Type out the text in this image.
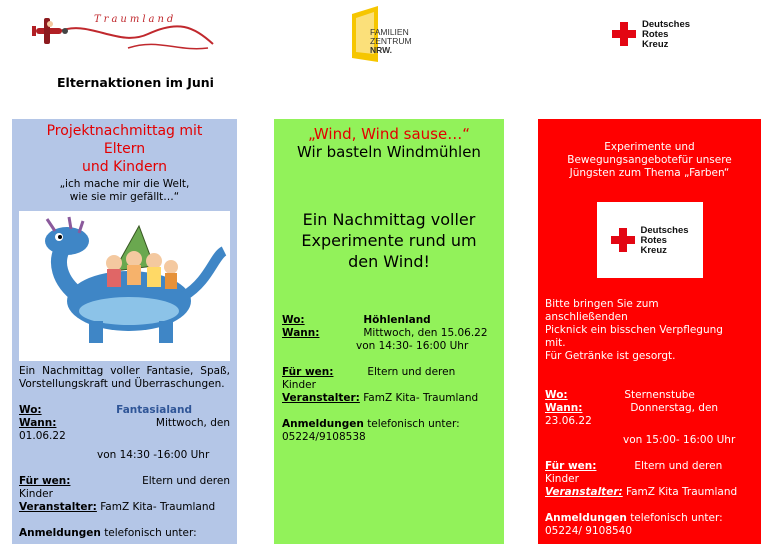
Traumland
FAMILIEN
ZENTRUM
NRW.
Deutsches
Rotes
Kreuz
Elternaktionen im Juni
Projektnachmittag mit
Eltern
und Kindern
„ich mache mir die Welt,
wie sie mir gefällt…“
Ein Nachmittag voller Fantasie, Spaß, Vorstellungskraft und Überraschungen.
Wo:	Fantasialand
Wann:	Mittwoch, den
01.06.22
von 14:30 -16:00 Uhr
Für wen:	Eltern und deren
Kinder
Veranstalter: FamZ Kita- Traumland
Anmeldungen telefonisch unter:
„Wind, Wind sause…“
Wir basteln Windmühlen
Ein Nachmittag voller
Experimente rund um
den Wind!
Wo:	Höhlenland
Wann:	Mittwoch, den 15.06.22
von 14:30- 16:00 Uhr
Für wen:	Eltern und deren
Kinder
Veranstalter: FamZ Kita- Traumland
Anmeldungen telefonisch unter:
05224/9108538
Experimente und
Bewegungsangebotefür unsere
Jüngsten zum Thema „Farben“
Deutsches
Rotes
Kreuz
Bitte bringen Sie zum
anschließenden
Picknick ein bisschen Verpflegung
mit.
Für Getränke ist gesorgt.
Wo:	Sternenstube
Wann:	Donnerstag, den
23.06.22
von 15:00- 16:00 Uhr
Für wen:	Eltern und deren
Kinder
Veranstalter: FamZ Kita Traumland
Anmeldungen telefonisch unter:
05224/ 9108540
